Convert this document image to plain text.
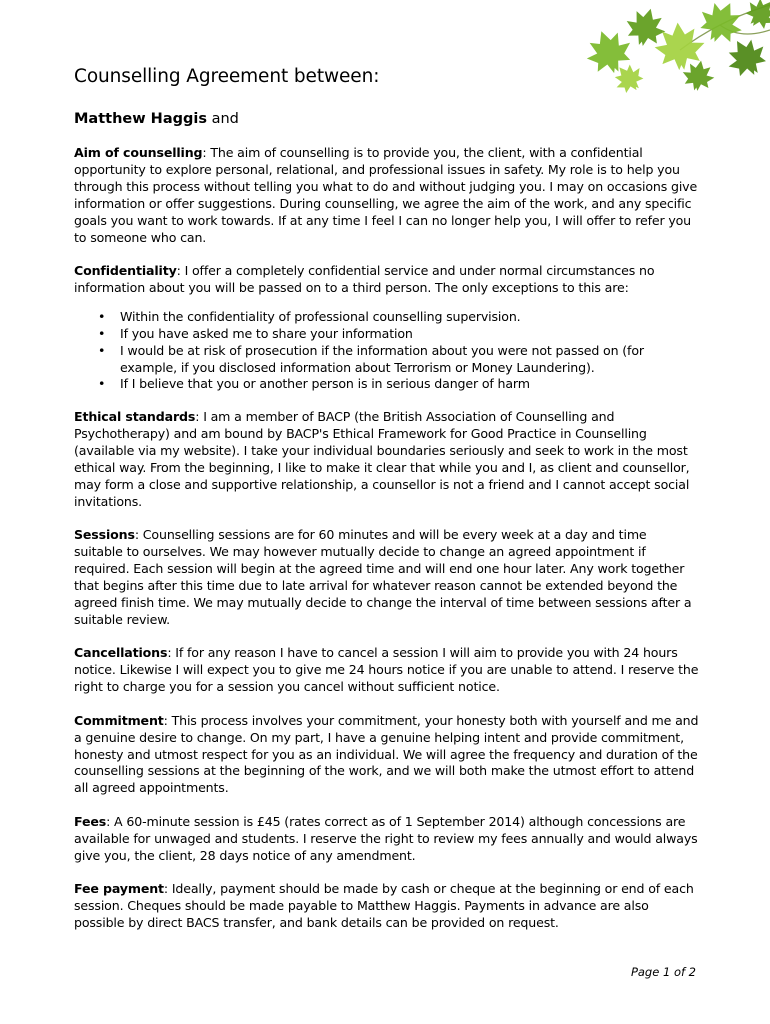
Counselling Agreement between:
Matthew Haggis and

Aim of counselling: The aim of counselling is to provide you, the client, with a confidential opportunity to explore personal, relational, and professional issues in safety. My role is to help you through this process without telling you what to do and without judging you. I may on occasions give information or offer suggestions. During counselling, we agree the aim of the work, and any specific goals you want to work towards. If at any time I feel I can no longer help you, I will offer to refer you to someone who can.

Confidentiality: I offer a completely confidential service and under normal circumstances no information about you will be passed on to a third person. The only exceptions to this are:

• Within the confidentiality of professional counselling supervision.
• If you have asked me to share your information
• I would be at risk of prosecution if the information about you were not passed on (for example, if you disclosed information about Terrorism or Money Laundering).
• If I believe that you or another person is in serious danger of harm

Ethical standards: I am a member of BACP (the British Association of Counselling and Psychotherapy) and am bound by BACP's Ethical Framework for Good Practice in Counselling (available via my website). I take your individual boundaries seriously and seek to work in the most ethical way. From the beginning, I like to make it clear that while you and I, as client and counsellor, may form a close and supportive relationship, a counsellor is not a friend and I cannot accept social invitations.

Sessions: Counselling sessions are for 60 minutes and will be every week at a day and time suitable to ourselves. We may however mutually decide to change an agreed appointment if required. Each session will begin at the agreed time and will end one hour later. Any work together that begins after this time due to late arrival for whatever reason cannot be extended beyond the agreed finish time. We may mutually decide to change the interval of time between sessions after a suitable review.

Cancellations: If for any reason I have to cancel a session I will aim to provide you with 24 hours notice. Likewise I will expect you to give me 24 hours notice if you are unable to attend. I reserve the right to charge you for a session you cancel without sufficient notice.

Commitment: This process involves your commitment, your honesty both with yourself and me and a genuine desire to change. On my part, I have a genuine helping intent and provide commitment, honesty and utmost respect for you as an individual. We will agree the frequency and duration of the counselling sessions at the beginning of the work, and we will both make the utmost effort to attend all agreed appointments.

Fees: A 60-minute session is £45 (rates correct as of 1 September 2014) although concessions are available for unwaged and students. I reserve the right to review my fees annually and would always give you, the client, 28 days notice of any amendment.

Fee payment: Ideally, payment should be made by cash or cheque at the beginning or end of each session. Cheques should be made payable to Matthew Haggis. Payments in advance are also possible by direct BACS transfer, and bank details can be provided on request.

Page 1 of 2
